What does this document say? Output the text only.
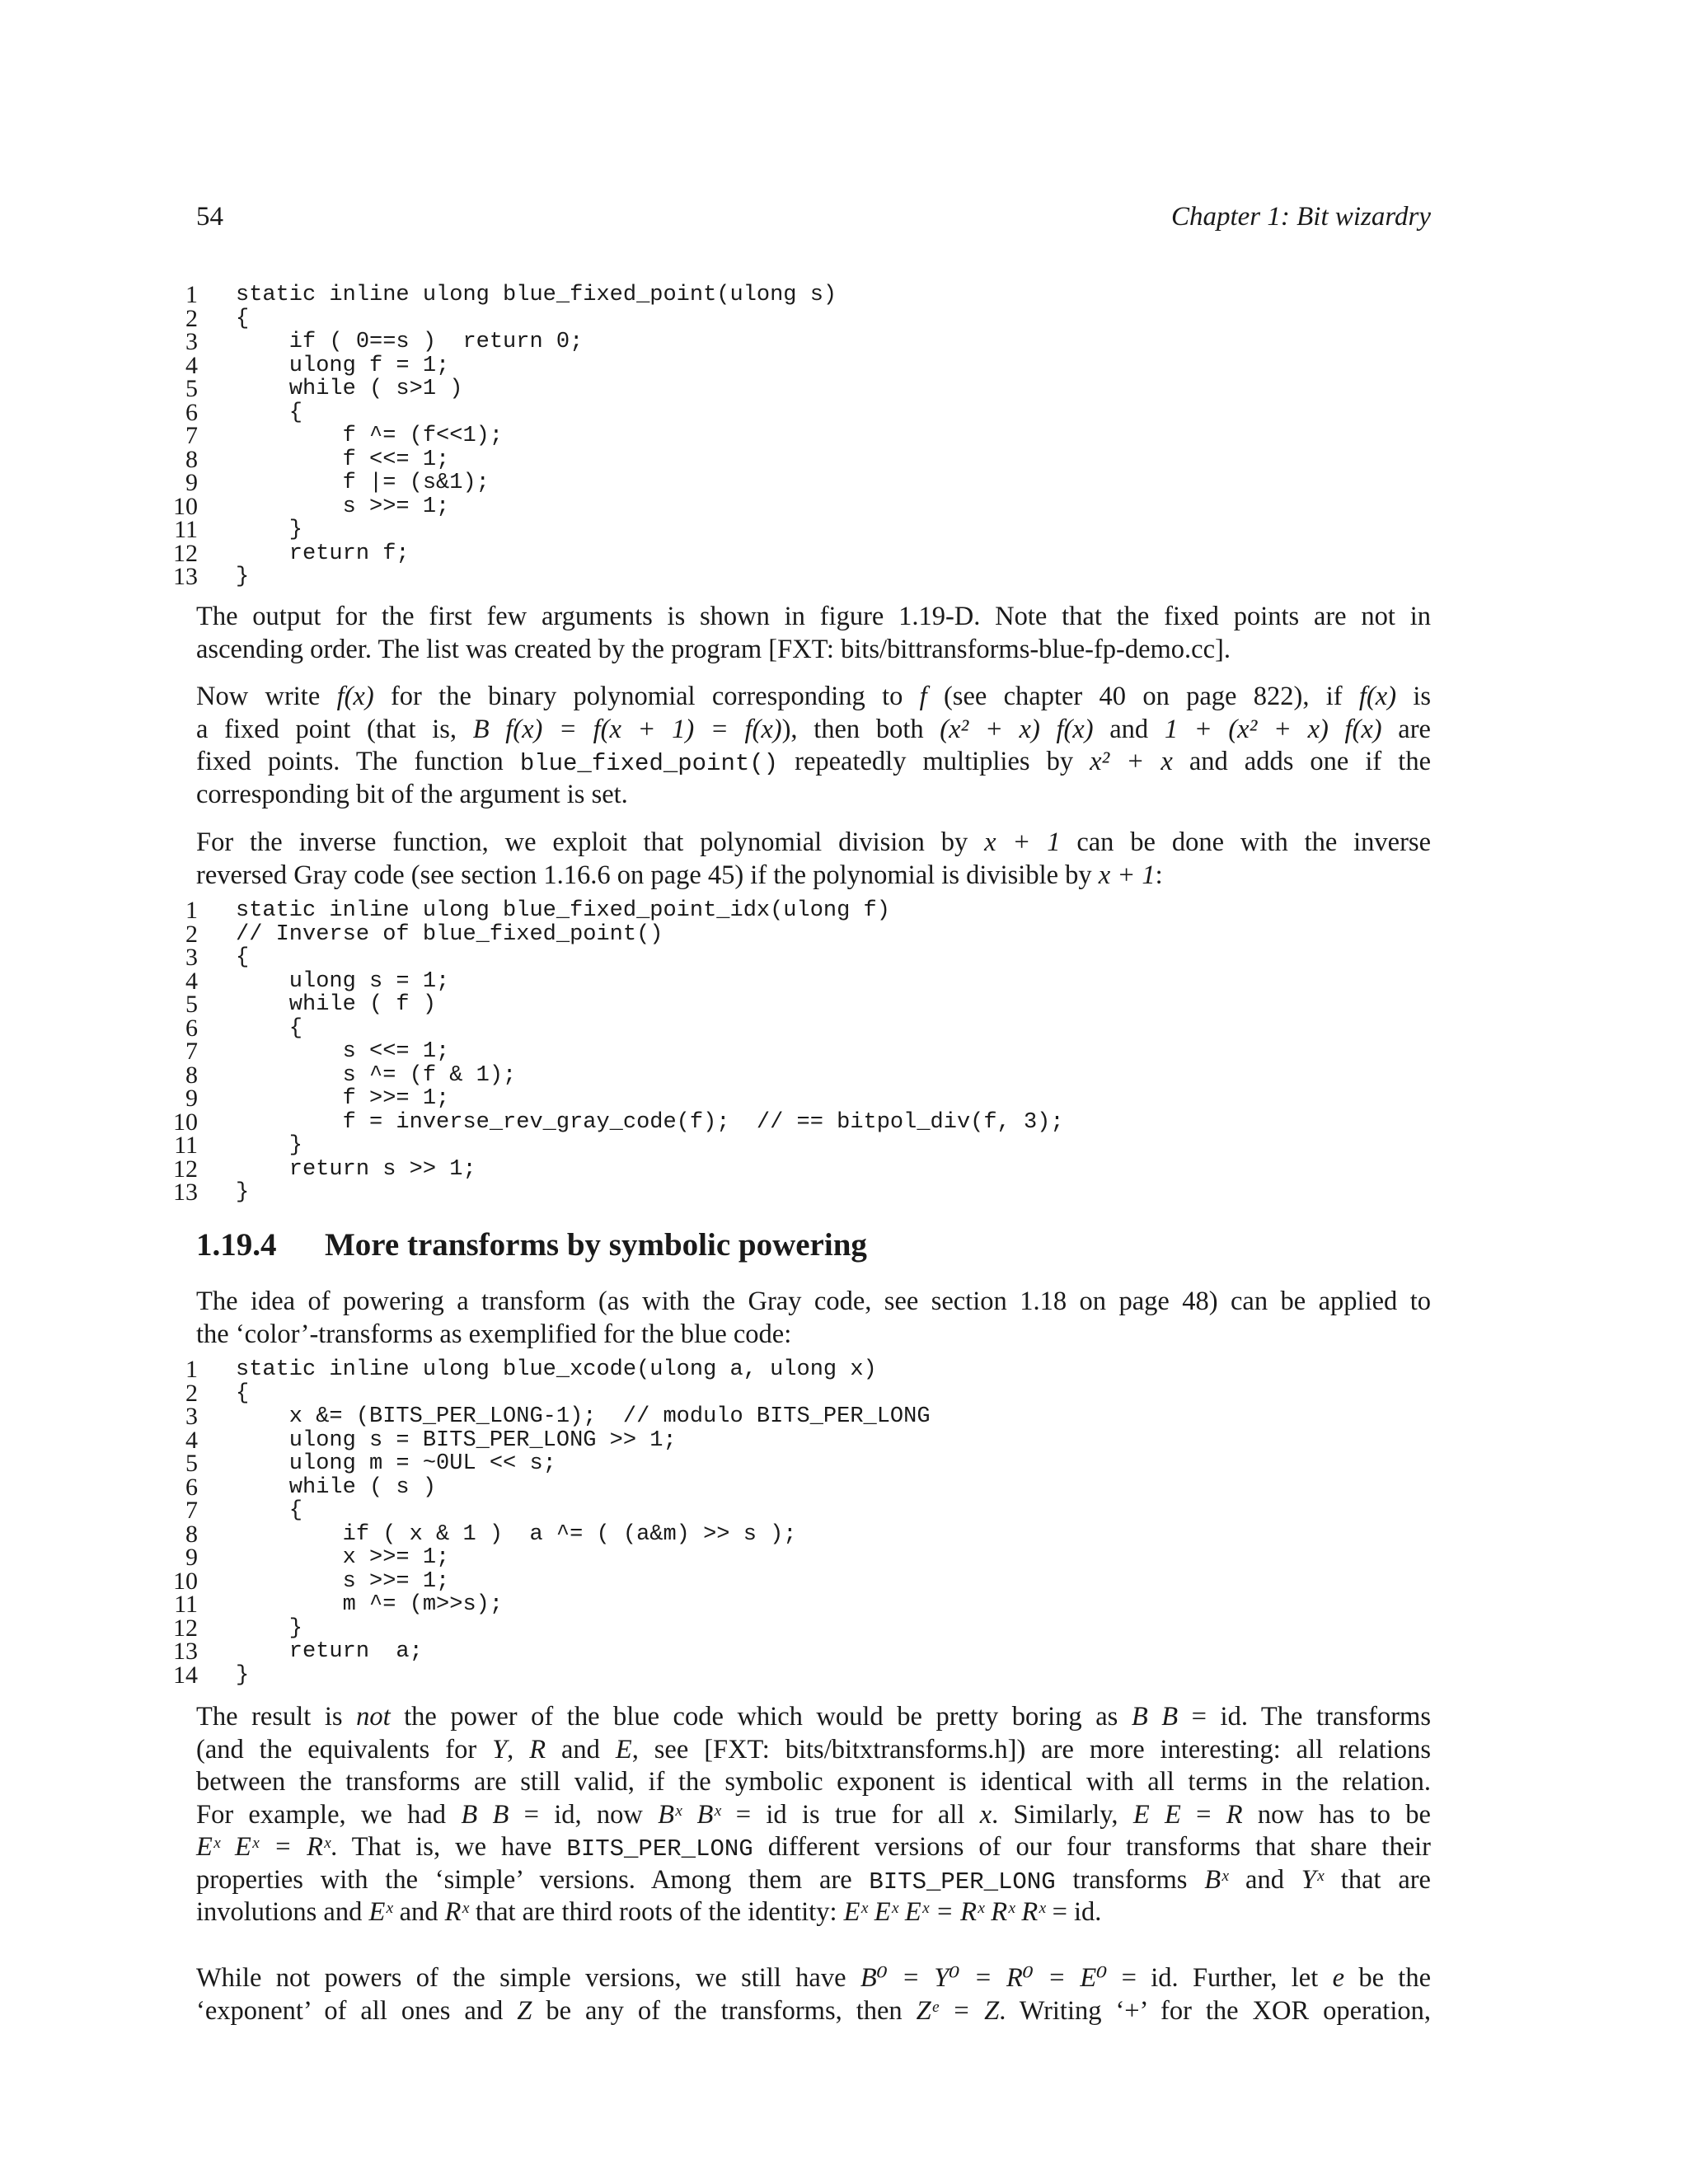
54	Chapter 1: Bit wizardry
1 static inline ulong blue_fixed_point(ulong s)
2 {
3 if ( 0==s )  return 0;
4 ulong f = 1;
5 while ( s>1 )
6 {
7 f ^= (f<<1);
8 f <<= 1;
9 f |= (s&1);
10 s >>= 1;
11 }
12 return f;
13 }
The output for the first few arguments is shown in figure 1.19-D. Note that the fixed points are not in
ascending order. The list was created by the program [FXT: bits/bittransforms-blue-fp-demo.cc].
Now write f(x) for the binary polynomial corresponding to f (see chapter 40 on page 822), if f(x) is
a fixed point (that is, B f(x) = f(x + 1) = f(x)), then both (x² + x) f(x) and 1 + (x² + x) f(x) are
fixed points. The function blue_fixed_point() repeatedly multiplies by x² + x and adds one if the
corresponding bit of the argument is set.
For the inverse function, we exploit that polynomial division by x + 1 can be done with the inverse
reversed Gray code (see section 1.16.6 on page 45) if the polynomial is divisible by x + 1:
1 static inline ulong blue_fixed_point_idx(ulong f)
2 // Inverse of blue_fixed_point()
3 {
4 ulong s = 1;
5 while ( f )
6 {
7 s <<= 1;
8 s ^= (f & 1);
9 f >>= 1;
10 f = inverse_rev_gray_code(f);  // == bitpol_div(f, 3);
11 }
12 return s >> 1;
13 }
1.19.4 More transforms by symbolic powering
The idea of powering a transform (as with the Gray code, see section 1.18 on page 48) can be applied to
the ‘color’-transforms as exemplified for the blue code:
1 static inline ulong blue_xcode(ulong a, ulong x)
2 {
3 x &= (BITS_PER_LONG-1);  // modulo BITS_PER_LONG
4 ulong s = BITS_PER_LONG >> 1;
5 ulong m = ~0UL << s;
6 while ( s )
7 {
8 if ( x & 1 )  a ^= ( (a&m) >> s );
9 x >>= 1;
10 s >>= 1;
11 m ^= (m>>s);
12 }
13 return  a;
14 }
The result is not the power of the blue code which would be pretty boring as B B = id. The transforms
(and the equivalents for Y, R and E, see [FXT: bits/bitxtransforms.h]) are more interesting: all relations
between the transforms are still valid, if the symbolic exponent is identical with all terms in the relation.
For example, we had B B = id, now Bˣ Bˣ = id is true for all x. Similarly, E E = R now has to be
Eˣ Eˣ = Rˣ. That is, we have BITS_PER_LONG different versions of our four transforms that share their
properties with the ‘simple’ versions. Among them are BITS_PER_LONG transforms Bˣ and Yˣ that are
involutions and Eˣ and Rˣ that are third roots of the identity: Eˣ Eˣ Eˣ = Rˣ Rˣ Rˣ = id.
While not powers of the simple versions, we still have B⁰ = Y⁰ = R⁰ = E⁰ = id. Further, let e be the
‘exponent’ of all ones and Z be any of the transforms, then Zᵉ = Z. Writing ‘+’ for the XOR operation,
